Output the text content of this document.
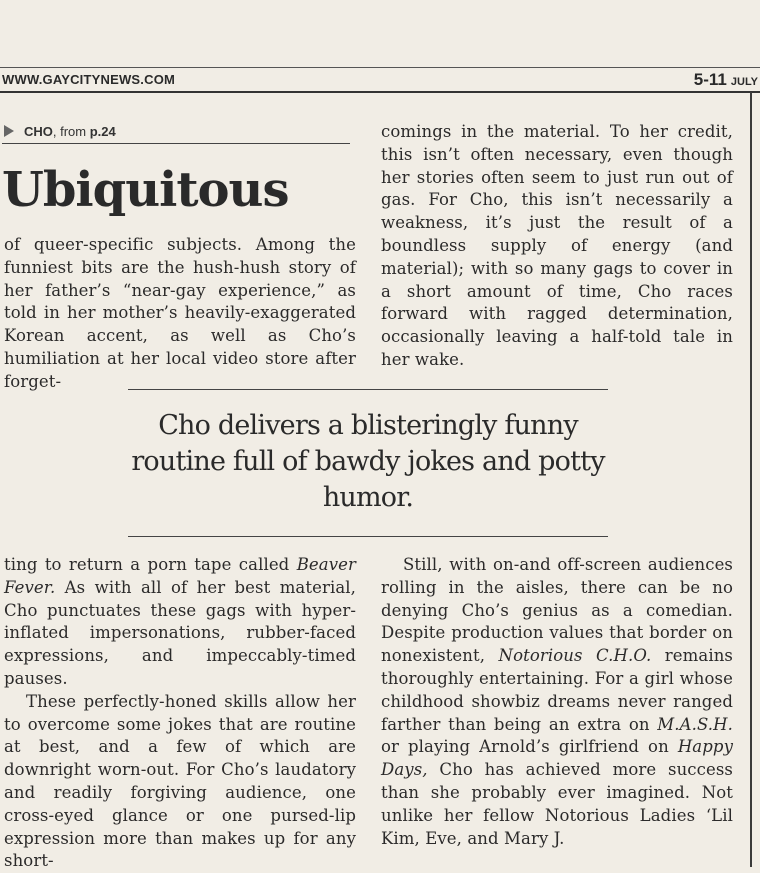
WWW.GAYCITYNEWS.COM	5-11 JULY
CHO, from p.24
Ubiquitous

of queer-specific subjects. Among the funniest bits are the hush-hush story of her father’s “near-gay experience,” as told in her mother’s heavily-exaggerated Korean accent, as well as Cho’s humiliation at her local video store after forget-

comings in the material. To her credit, this isn’t often necessary, even though her stories often seem to just run out of gas. For Cho, this isn’t necessarily a weakness, it’s just the result of a boundless supply of energy (and material); with so many gags to cover in a short amount of time, Cho races forward with ragged determination, occasionally leaving a half-told tale in her wake.

Cho delivers a blisteringly funny routine full of bawdy jokes and potty humor.

ting to return a porn tape called Beaver Fever. As with all of her best material, Cho punctuates these gags with hyper-inflated impersonations, rubber-faced expressions, and impeccably-timed pauses.

These perfectly-honed skills allow her to overcome some jokes that are routine at best, and a few of which are downright worn-out. For Cho’s laudatory and readily forgiving audience, one cross-eyed glance or one pursed-lip expression more than makes up for any short-

Still, with on-and off-screen audiences rolling in the aisles, there can be no denying Cho’s genius as a comedian. Despite production values that border on nonexistent, Notorious C.H.O. remains thoroughly entertaining. For a girl whose childhood showbiz dreams never ranged farther than being an extra on M.A.S.H. or playing Arnold’s girlfriend on Happy Days, Cho has achieved more success than she probably ever imagined. Not unlike her fellow Notorious Ladies ‘Lil Kim, Eve, and Mary J.
